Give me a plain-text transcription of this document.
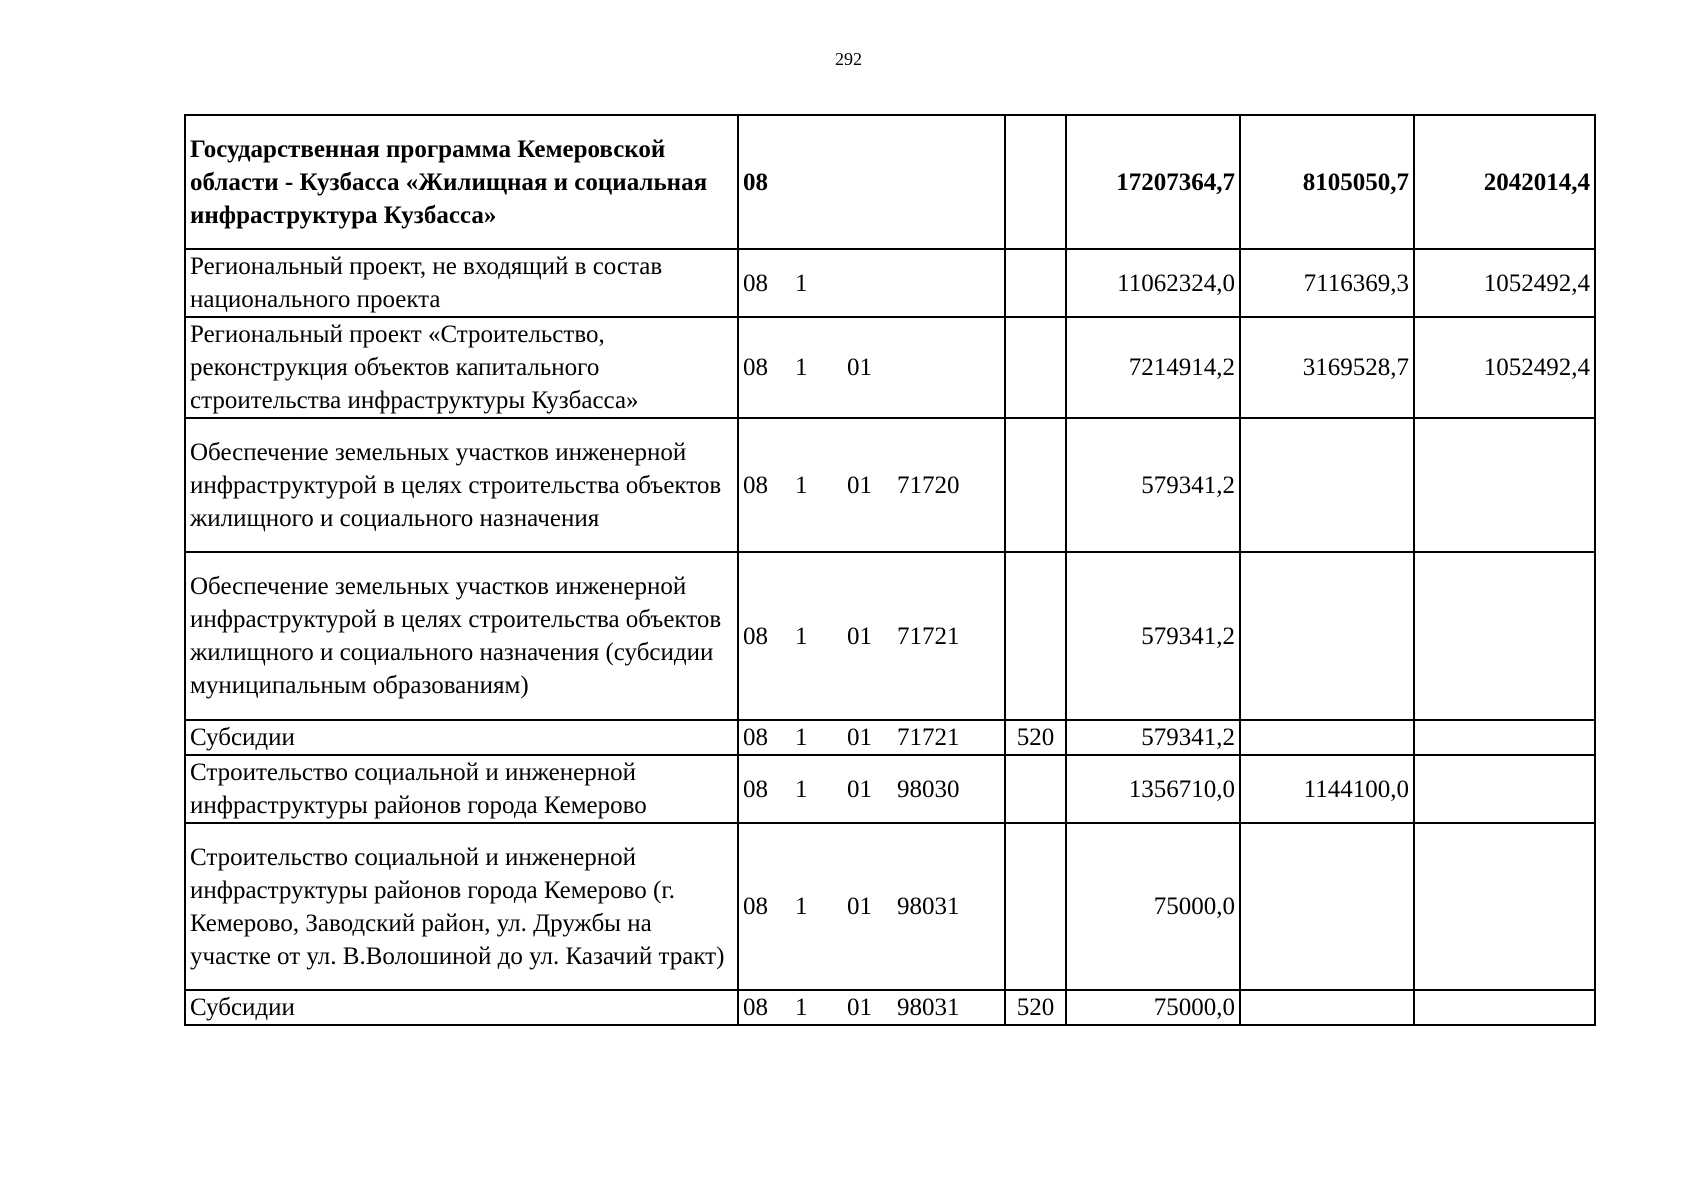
292
Государственная программа Кемеровской области - Кузбасса «Жилищная и социальная инфраструктура Кузбасса»	08		17207364,7	8105050,7	2042014,4
Региональный проект, не входящий в состав национального проекта	08 1		11062324,0	7116369,3	1052492,4
Региональный проект «Строительство, реконструкция объектов капитального строительства инфраструктуры Кузбасса»	08 1 01		7214914,2	3169528,7	1052492,4
Обеспечение земельных участков инженерной инфраструктурой в целях строительства объектов жилищного и социального назначения	08 1 01 71720		579341,2		
Обеспечение земельных участков инженерной инфраструктурой в целях строительства объектов жилищного и социального назначения (субсидии муниципальным образованиям)	08 1 01 71721		579341,2		
Субсидии	08 1 01 71721	520	579341,2		
Строительство социальной и инженерной инфраструктуры районов города Кемерово	08 1 01 98030		1356710,0	1144100,0	
Строительство социальной и инженерной инфраструктуры районов города Кемерово (г. Кемерово, Заводский район, ул. Дружбы на участке от ул. В.Волошиной до ул. Казачий тракт)	08 1 01 98031		75000,0		
Субсидии	08 1 01 98031	520	75000,0		
